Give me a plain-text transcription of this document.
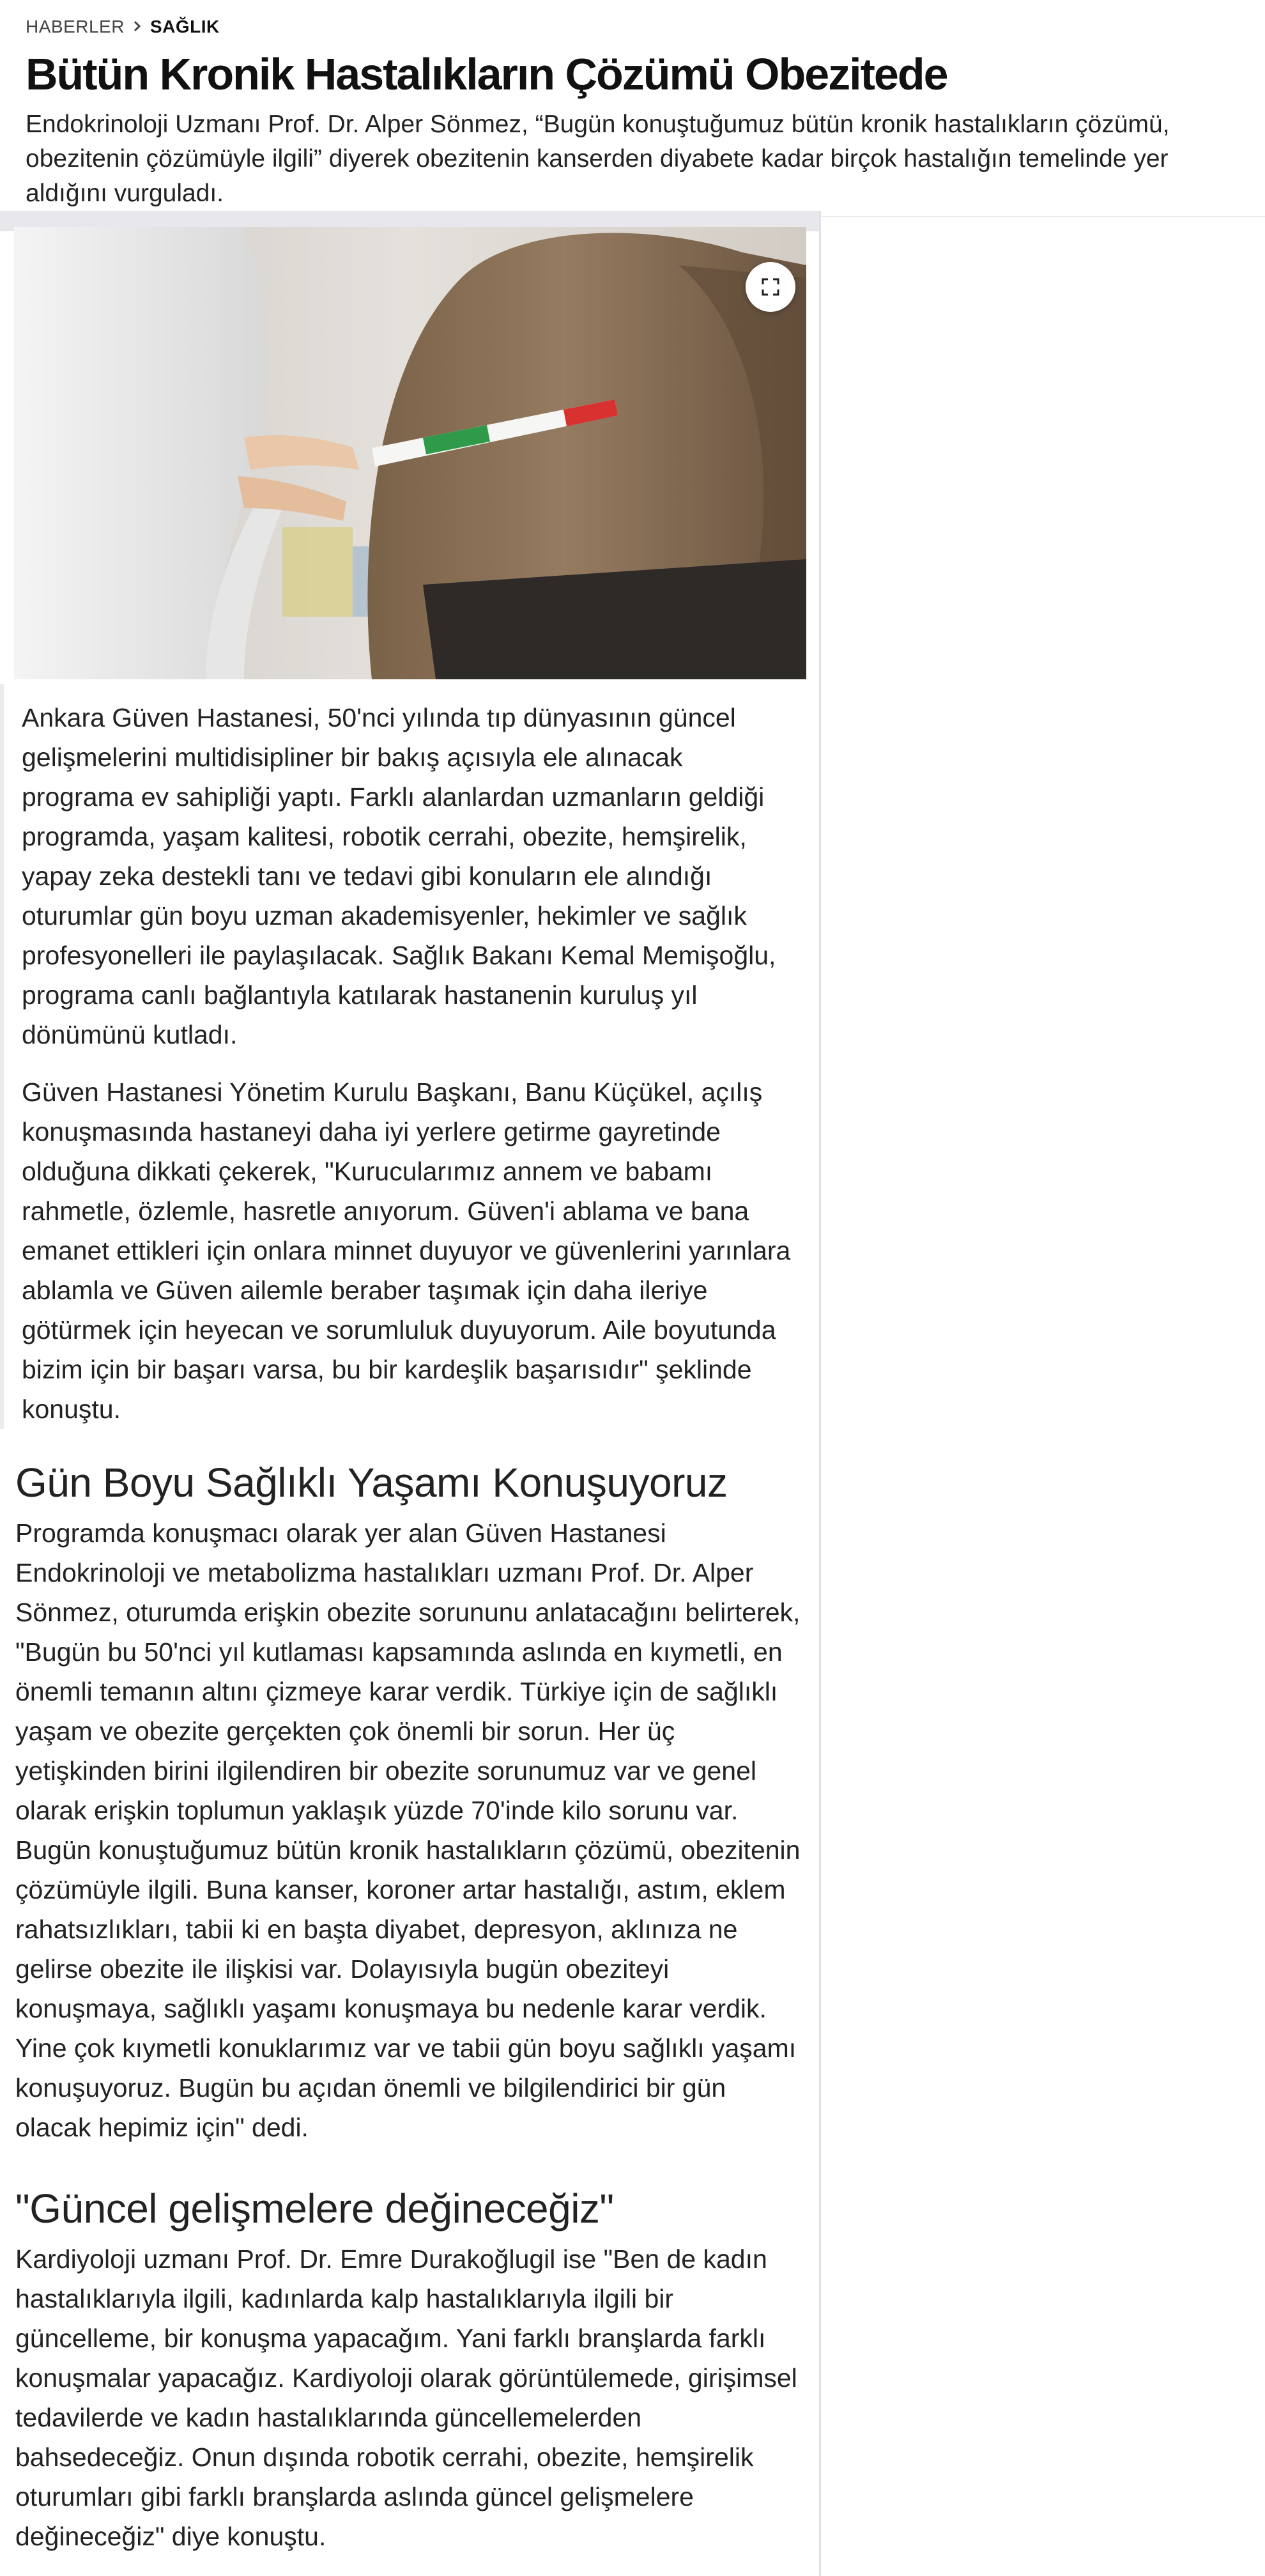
HABERLER SAĞLIK
Bütün Kronik Hastalıkların Çözümü Obezitede

Endokrinoloji Uzmanı Prof. Dr. Alper Sönmez, “Bugün konuştuğumuz bütün kronik hastalıkların çözümü, obezitenin çözümüyle ilgili” diyerek obezitenin kanserden diyabete kadar birçok hastalığın temelinde yer aldığını vurguladı.

Ankara Güven Hastanesi, 50'nci yılında tıp dünyasının güncel gelişmelerini multidisipliner bir bakış açısıyla ele alınacak programa ev sahipliği yaptı. Farklı alanlardan uzmanların geldiği programda, yaşam kalitesi, robotik cerrahi, obezite, hemşirelik, yapay zeka destekli tanı ve tedavi gibi konuların ele alındığı oturumlar gün boyu uzman akademisyenler, hekimler ve sağlık profesyonelleri ile paylaşılacak. Sağlık Bakanı Kemal Memişoğlu, programa canlı bağlantıyla katılarak hastanenin kuruluş yıl dönümünü kutladı.

Güven Hastanesi Yönetim Kurulu Başkanı, Banu Küçükel, açılış konuşmasında hastaneyi daha iyi yerlere getirme gayretinde olduğuna dikkati çekerek, "Kurucularımız annem ve babamı rahmetle, özlemle, hasretle anıyorum. Güven'i ablama ve bana emanet ettikleri için onlara minnet duyuyor ve güvenlerini yarınlara ablamla ve Güven ailemle beraber taşımak için daha ileriye götürmek için heyecan ve sorumluluk duyuyorum. Aile boyutunda bizim için bir başarı varsa, bu bir kardeşlik başarısıdır" şeklinde konuştu.

Gün Boyu Sağlıklı Yaşamı Konuşuyoruz

Programda konuşmacı olarak yer alan Güven Hastanesi Endokrinoloji ve metabolizma hastalıkları uzmanı Prof. Dr. Alper Sönmez, oturumda erişkin obezite sorununu anlatacağını belirterek, "Bugün bu 50'nci yıl kutlaması kapsamında aslında en kıymetli, en önemli temanın altını çizmeye karar verdik. Türkiye için de sağlıklı yaşam ve obezite gerçekten çok önemli bir sorun. Her üç yetişkinden birini ilgilendiren bir obezite sorunumuz var ve genel olarak erişkin toplumun yaklaşık yüzde 70'inde kilo sorunu var. Bugün konuştuğumuz bütün kronik hastalıkların çözümü, obezitenin çözümüyle ilgili. Buna kanser, koroner artar hastalığı, astım, eklem rahatsızlıkları, tabii ki en başta diyabet, depresyon, aklınıza ne gelirse obezite ile ilişkisi var. Dolayısıyla bugün obeziteyi konuşmaya, sağlıklı yaşamı konuşmaya bu nedenle karar verdik. Yine çok kıymetli konuklarımız var ve tabii gün boyu sağlıklı yaşamı konuşuyoruz. Bugün bu açıdan önemli ve bilgilendirici bir gün olacak hepimiz için" dedi.

"Güncel gelişmelere değineceğiz"

Kardiyoloji uzmanı Prof. Dr. Emre Durakoğlugil ise "Ben de kadın hastalıklarıyla ilgili, kadınlarda kalp hastalıklarıyla ilgili bir güncelleme, bir konuşma yapacağım. Yani farklı branşlarda farklı konuşmalar yapacağız. Kardiyoloji olarak görüntülemede, girişimsel tedavilerde ve kadın hastalıklarında güncellemelerden bahsedeceğiz. Onun dışında robotik cerrahi, obezite, hemşirelik oturumları gibi farklı branşlarda aslında güncel gelişmelere değineceğiz" diye konuştu.
